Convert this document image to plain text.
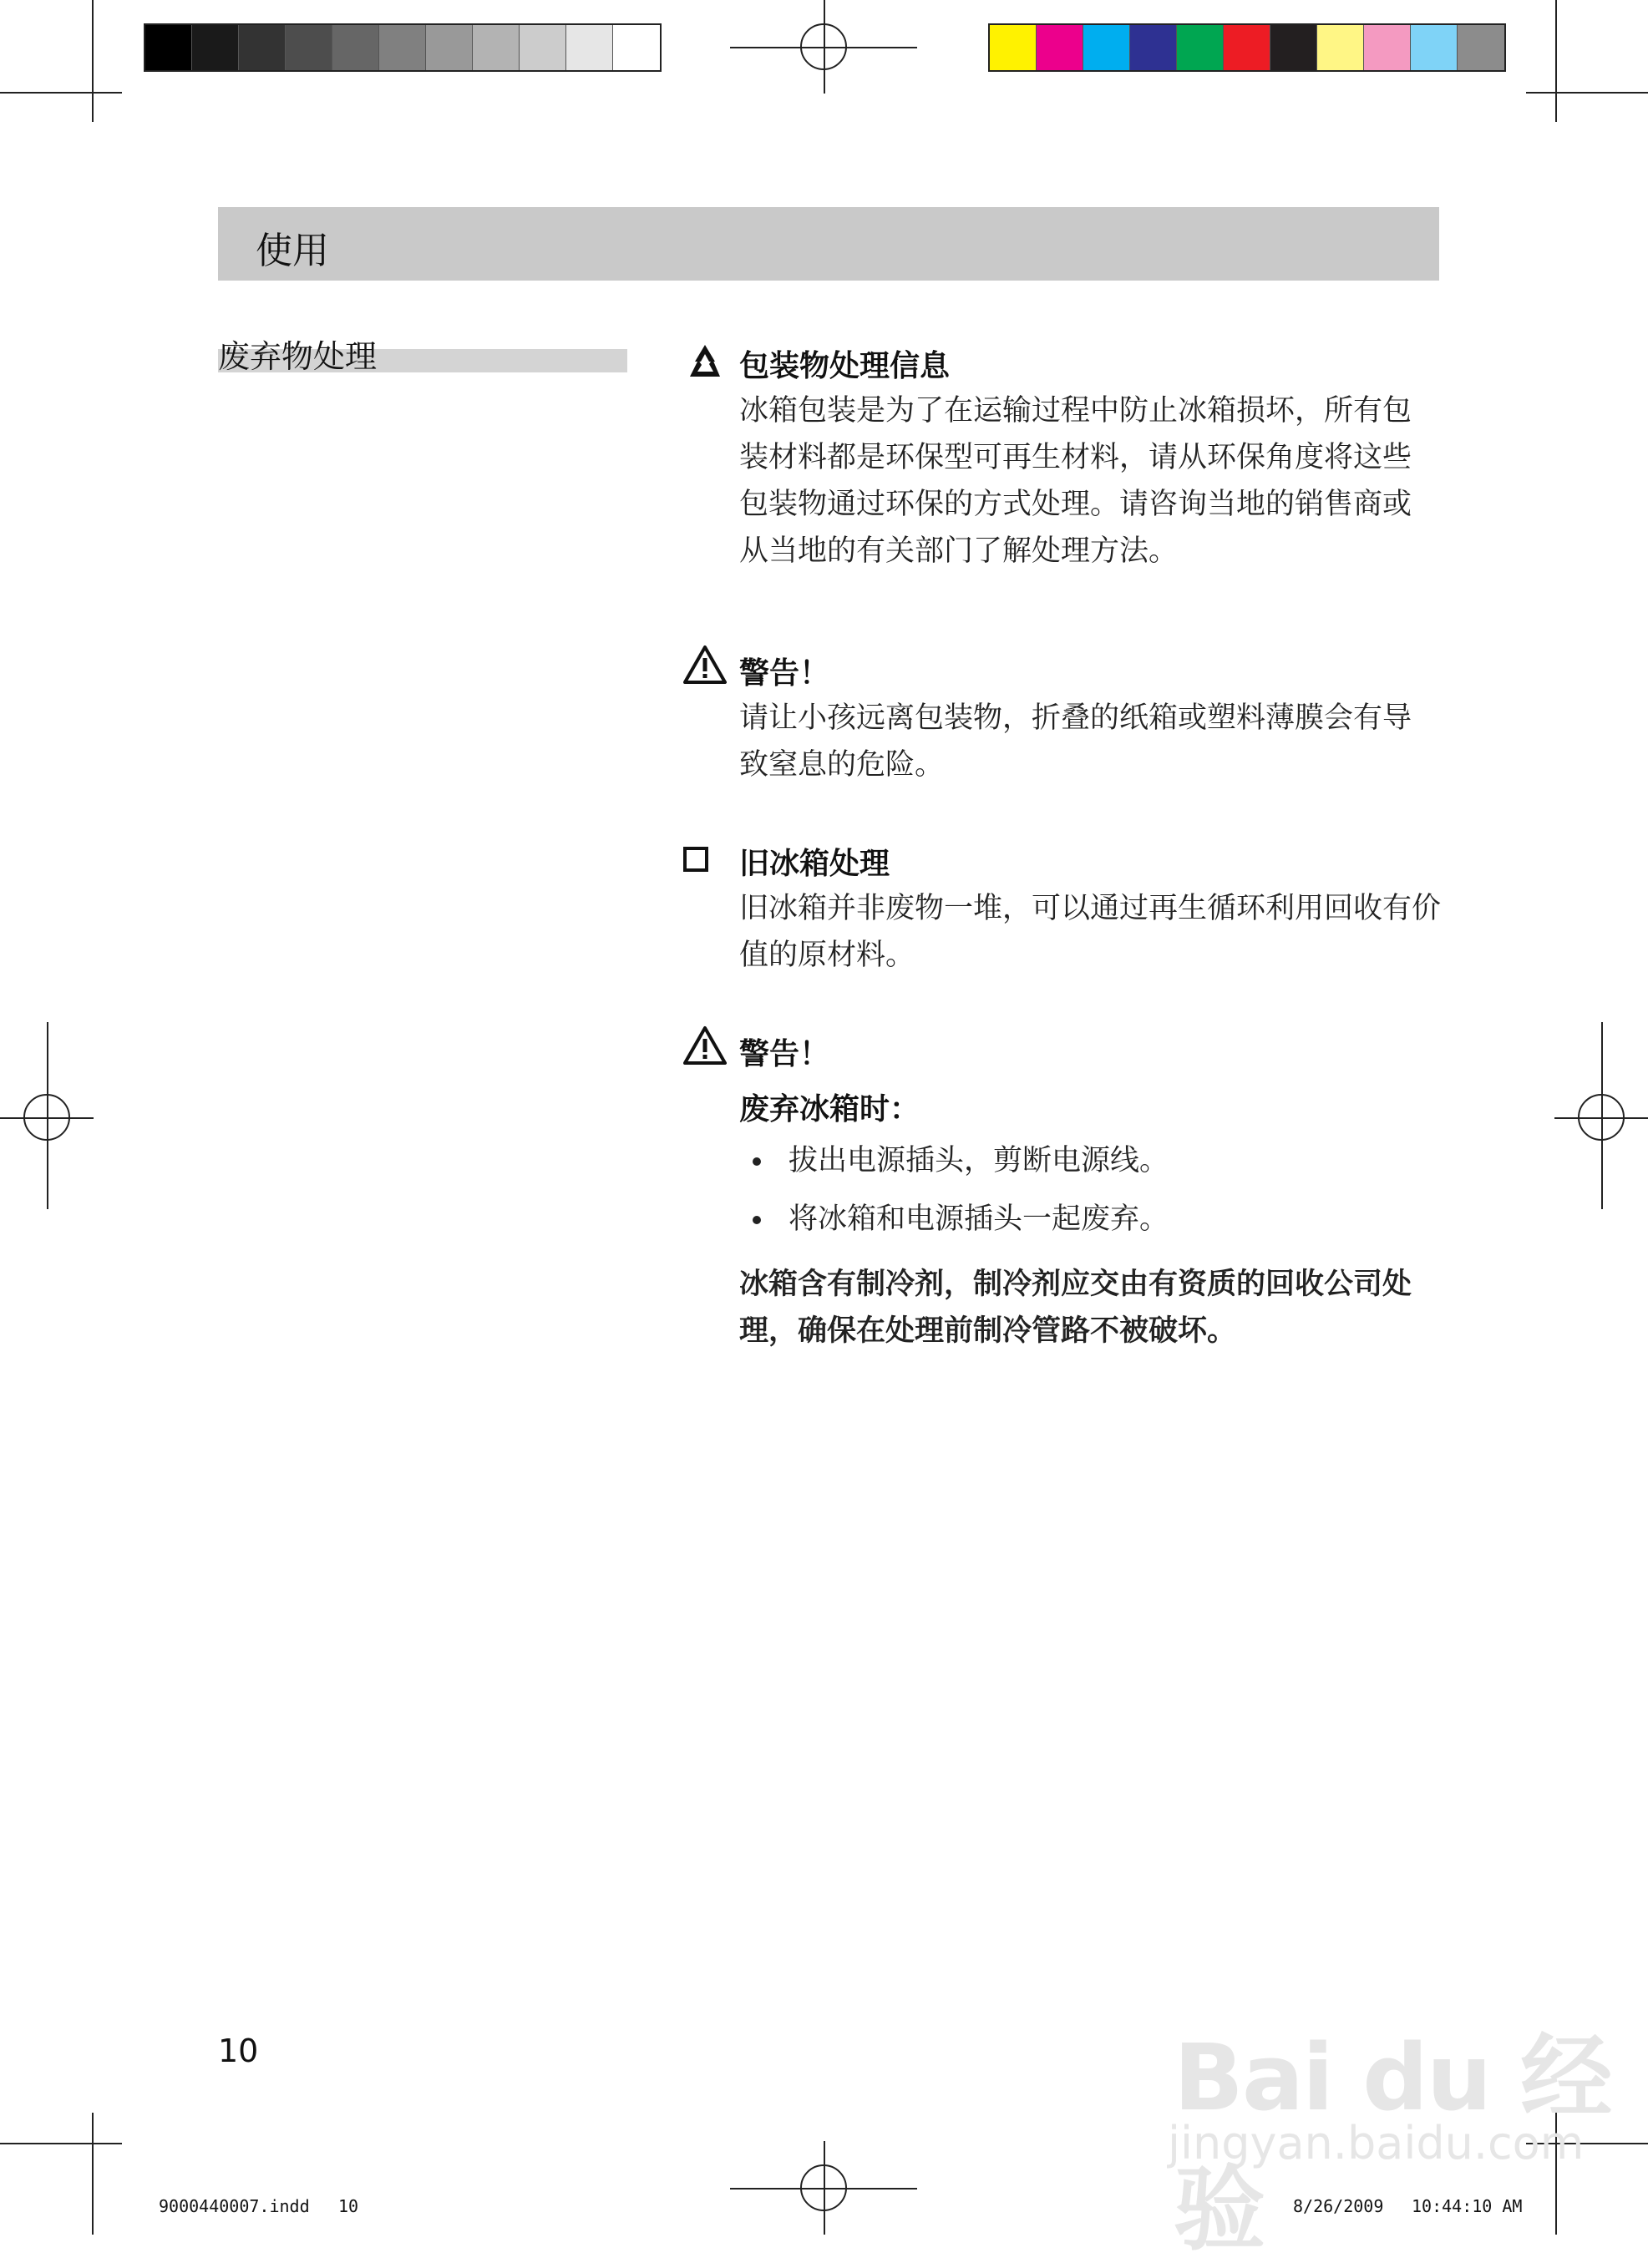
使用
废弃物处理	包装物处理信息
冰箱包装是为了在运输过程中防止冰箱损坏，所有包
装材料都是环保型可再生材料，请从环保角度将这些
包装物通过环保的方式处理。请咨询当地的销售商或
从当地的有关部门了解处理方法。
警告！
请让小孩远离包装物，折叠的纸箱或塑料薄膜会有导
致窒息的危险。
旧冰箱处理
旧冰箱并非废物一堆，可以通过再生循环利用回收有价
值的原材料。
警告！
废弃冰箱时：
拔出电源插头，剪断电源线。
将冰箱和电源插头一起废弃。
冰箱含有制冷剂，制冷剂应交由有资质的回收公司处
理，确保在处理前制冷管路不被破坏。
10	Bai du 经验
jingyan.baidu.com
9000440007.indd 10	8/26/2009 10:44:10 AM
